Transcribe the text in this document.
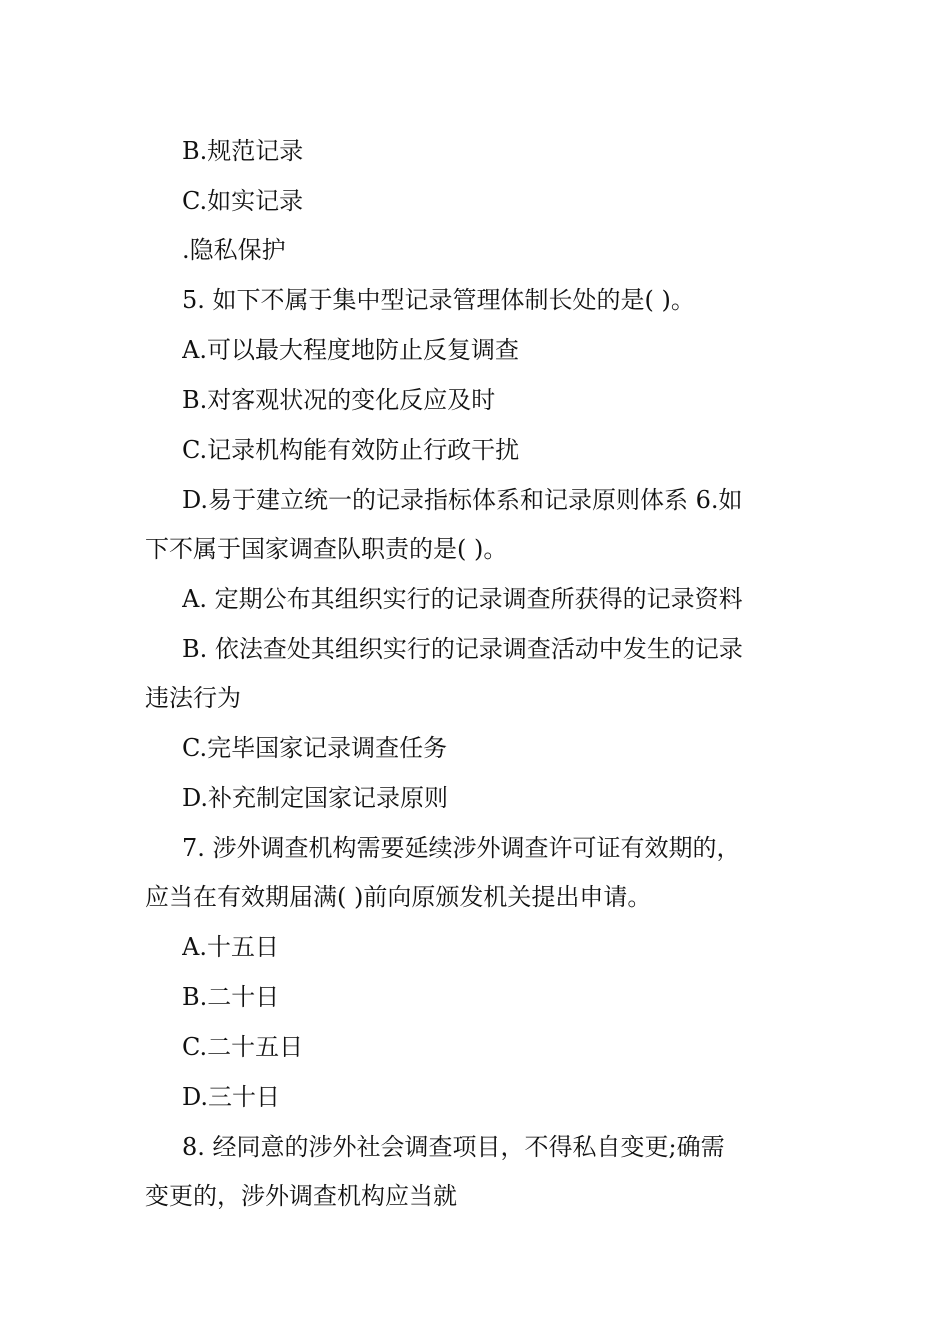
B.规范记录

C.如实记录

.隐私保护

5. 如下不属于集中型记录管理体制长处的是( )。

A.可以最大程度地防止反复调查

B.对客观状况的变化反应及时

C.记录机构能有效防止行政干扰

D.易于建立统一的记录指标体系和记录原则体系 6.如

下不属于国家调查队职责的是( )。

A. 定期公布其组织实行的记录调查所获得的记录资料

B. 依法查处其组织实行的记录调查活动中发生的记录

违法行为

C.完毕国家记录调查任务

D.补充制定国家记录原则

7. 涉外调查机构需要延续涉外调查许可证有效期的，

应当在有效期届满( )前向原颁发机关提出申请。

A.十五日

B.二十日

C.二十五日

D.三十日

8. 经同意的涉外社会调查项目，不得私自变更;确需

变更的，涉外调查机构应当就
